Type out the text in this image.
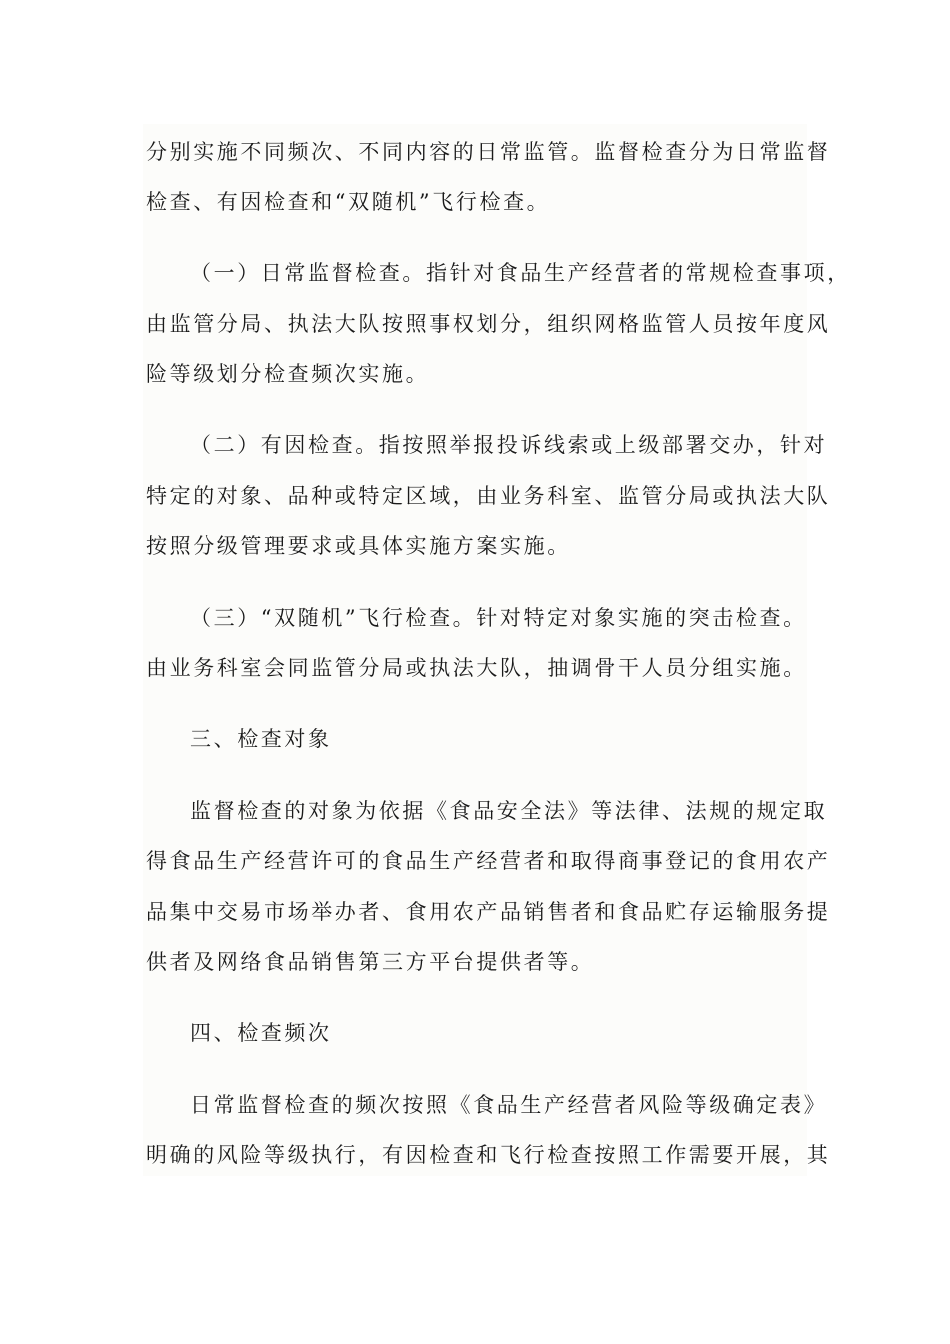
分别实施不同频次、不同内容的日常监管。监督检查分为日常监督
检查、有因检查和“双随机”飞行检查。
（一）日常监督检查。指针对食品生产经营者的常规检查事项，
由监管分局、执法大队按照事权划分，组织网格监管人员按年度风
险等级划分检查频次实施。
（二）有因检查。指按照举报投诉线索或上级部署交办，针对
特定的对象、品种或特定区域，由业务科室、监管分局或执法大队
按照分级管理要求或具体实施方案实施。
（三）“双随机”飞行检查。针对特定对象实施的突击检查。
由业务科室会同监管分局或执法大队，抽调骨干人员分组实施。
三、检查对象
监督检查的对象为依据《食品安全法》等法律、法规的规定取
得食品生产经营许可的食品生产经营者和取得商事登记的食用农产
品集中交易市场举办者、食用农产品销售者和食品贮存运输服务提
供者及网络食品销售第三方平台提供者等。
四、检查频次
日常监督检查的频次按照《食品生产经营者风险等级确定表》
明确的风险等级执行，有因检查和飞行检查按照工作需要开展，其
